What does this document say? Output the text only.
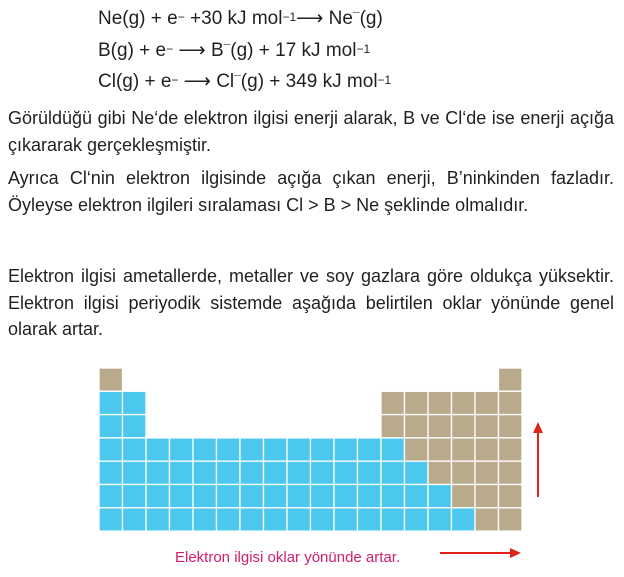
Ne(g) + e− +30 kJ mol$^{-1}$⟶ Ne¯(g)
B(g) + e− ⟶ B¯(g) + 17 kJ mol$^{-1}$
Cl(g) + e− ⟶ Cl¯(g) + 349 kJ mol$^{-1}$

Görüldüğü gibi Ne‘de elektron ilgisi enerji alarak, B ve Cl‘de ise enerji açığa çıkararak gerçekleşmiştir.

Ayrıca Cl‘nin elektron ilgisinde açığa çıkan enerji, B’ninkinden fazladır. Öyleyse elektron ilgileri sıralaması Cl > B > Ne şeklinde olmalıdır.

Elektron ilgisi ametallerde, metaller ve soy gazlara göre oldukça yüksektir. Elektron ilgisi periyodik sistemde aşağıda belirtilen oklar yönünde genel olarak artar.

Elektron ilgisi oklar yönünde artar.
